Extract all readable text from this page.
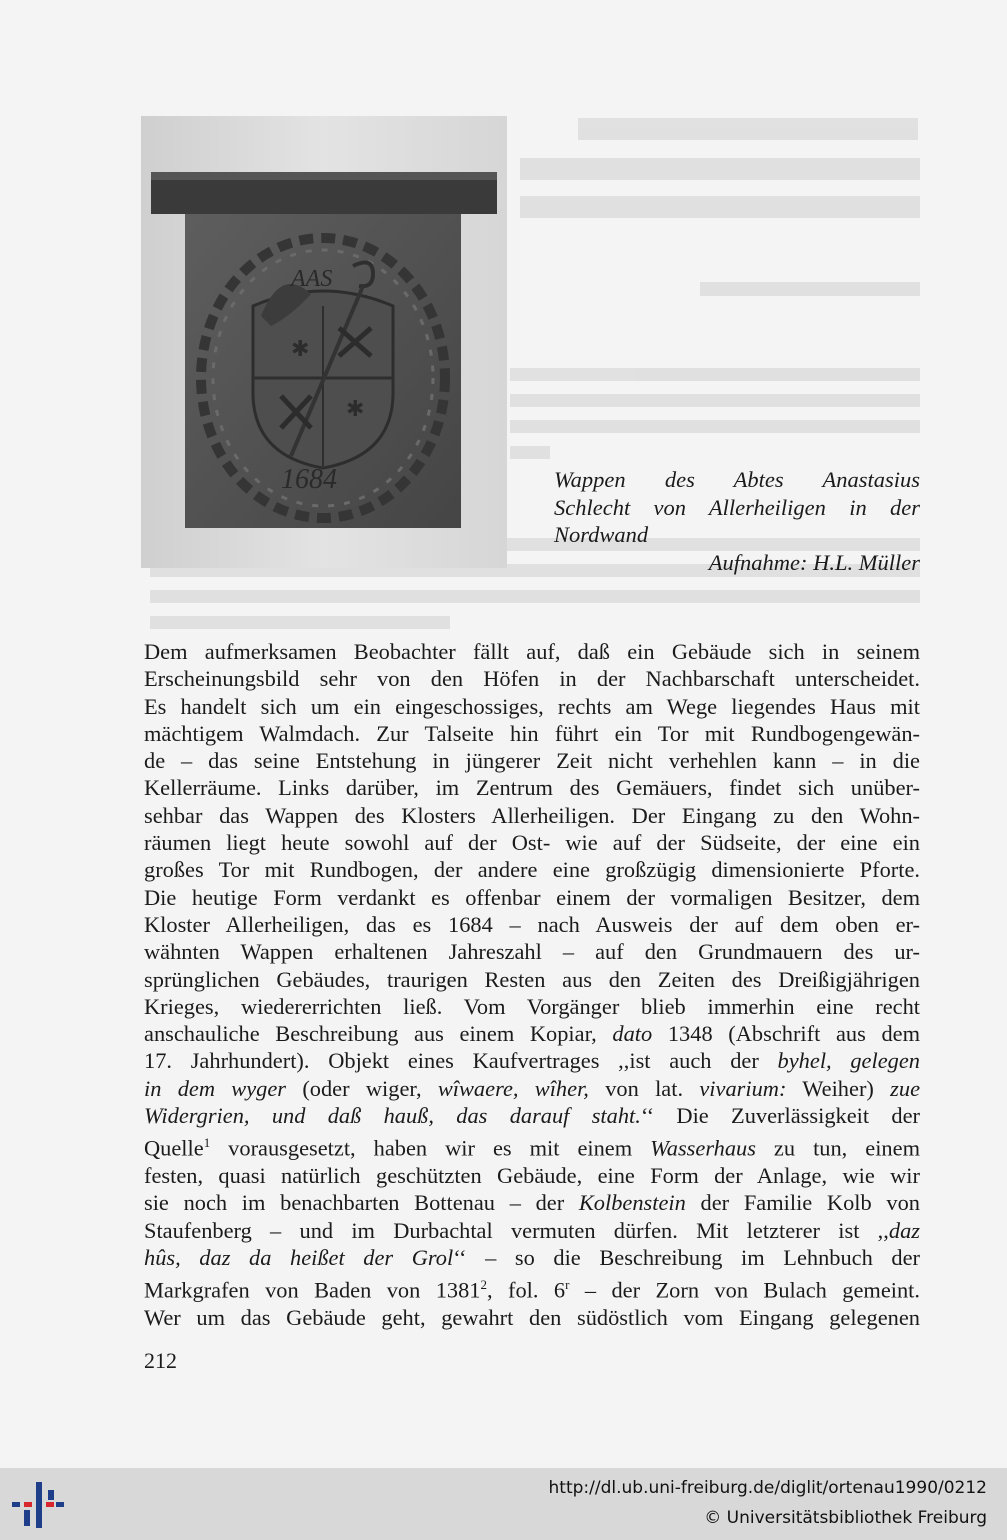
✱
✱
AAS
1684	Wappen des Abtes Anastasius
Schlecht von Allerheiligen in der
Nordwand
Aufnahme: H.L. Müller
Dem aufmerksamen Beobachter fällt auf, daß ein Gebäude sich in seinem
Erscheinungsbild sehr von den Höfen in der Nachbarschaft unterscheidet.
Es handelt sich um ein eingeschossiges, rechts am Wege liegendes Haus mit
mächtigem Walmdach. Zur Talseite hin führt ein Tor mit Rundbogengewän-
de – das seine Entstehung in jüngerer Zeit nicht verhehlen kann – in die
Kellerräume. Links darüber, im Zentrum des Gemäuers, findet sich unüber-
sehbar das Wappen des Klosters Allerheiligen. Der Eingang zu den Wohn-
räumen liegt heute sowohl auf der Ost- wie auf der Südseite, der eine ein
großes Tor mit Rundbogen, der andere eine großzügig dimensionierte Pforte.
Die heutige Form verdankt es offenbar einem der vormaligen Besitzer, dem
Kloster Allerheiligen, das es 1684 – nach Ausweis der auf dem oben er-
wähnten Wappen erhaltenen Jahreszahl – auf den Grundmauern des ur-
sprünglichen Gebäudes, traurigen Resten aus den Zeiten des Dreißigjährigen
Krieges, wiedererrichten ließ. Vom Vorgänger blieb immerhin eine recht
anschauliche Beschreibung aus einem Kopiar, dato 1348 (Abschrift aus dem
17. Jahrhundert). Objekt eines Kaufvertrages ,,ist auch der byhel, gelegen
in dem wyger (oder wiger, wîwaere, wîher, von lat. vivarium: Weiher) zue
Widergrien, und daß hauß, das darauf staht.‘‘ Die Zuverlässigkeit der
Quelle$^1$ vorausgesetzt, haben wir es mit einem Wasserhaus zu tun, einem
festen, quasi natürlich geschützten Gebäude, eine Form der Anlage, wie wir
sie noch im benachbarten Bottenau – der Kolbenstein der Familie Kolb von
Staufenberg – und im Durbachtal vermuten dürfen. Mit letzterer ist ,,daz
hûs, daz da heißet der Grol‘‘ – so die Beschreibung im Lehnbuch der
Markgrafen von Baden von 1381$^2$, fol. 6$^r$ – der Zorn von Bulach gemeint.
Wer um das Gebäude geht, gewahrt den südöstlich vom Eingang gelegenen
212
http://dl.ub.uni-freiburg.de/diglit/ortenau1990/0212
© Universitätsbibliothek Freiburg
